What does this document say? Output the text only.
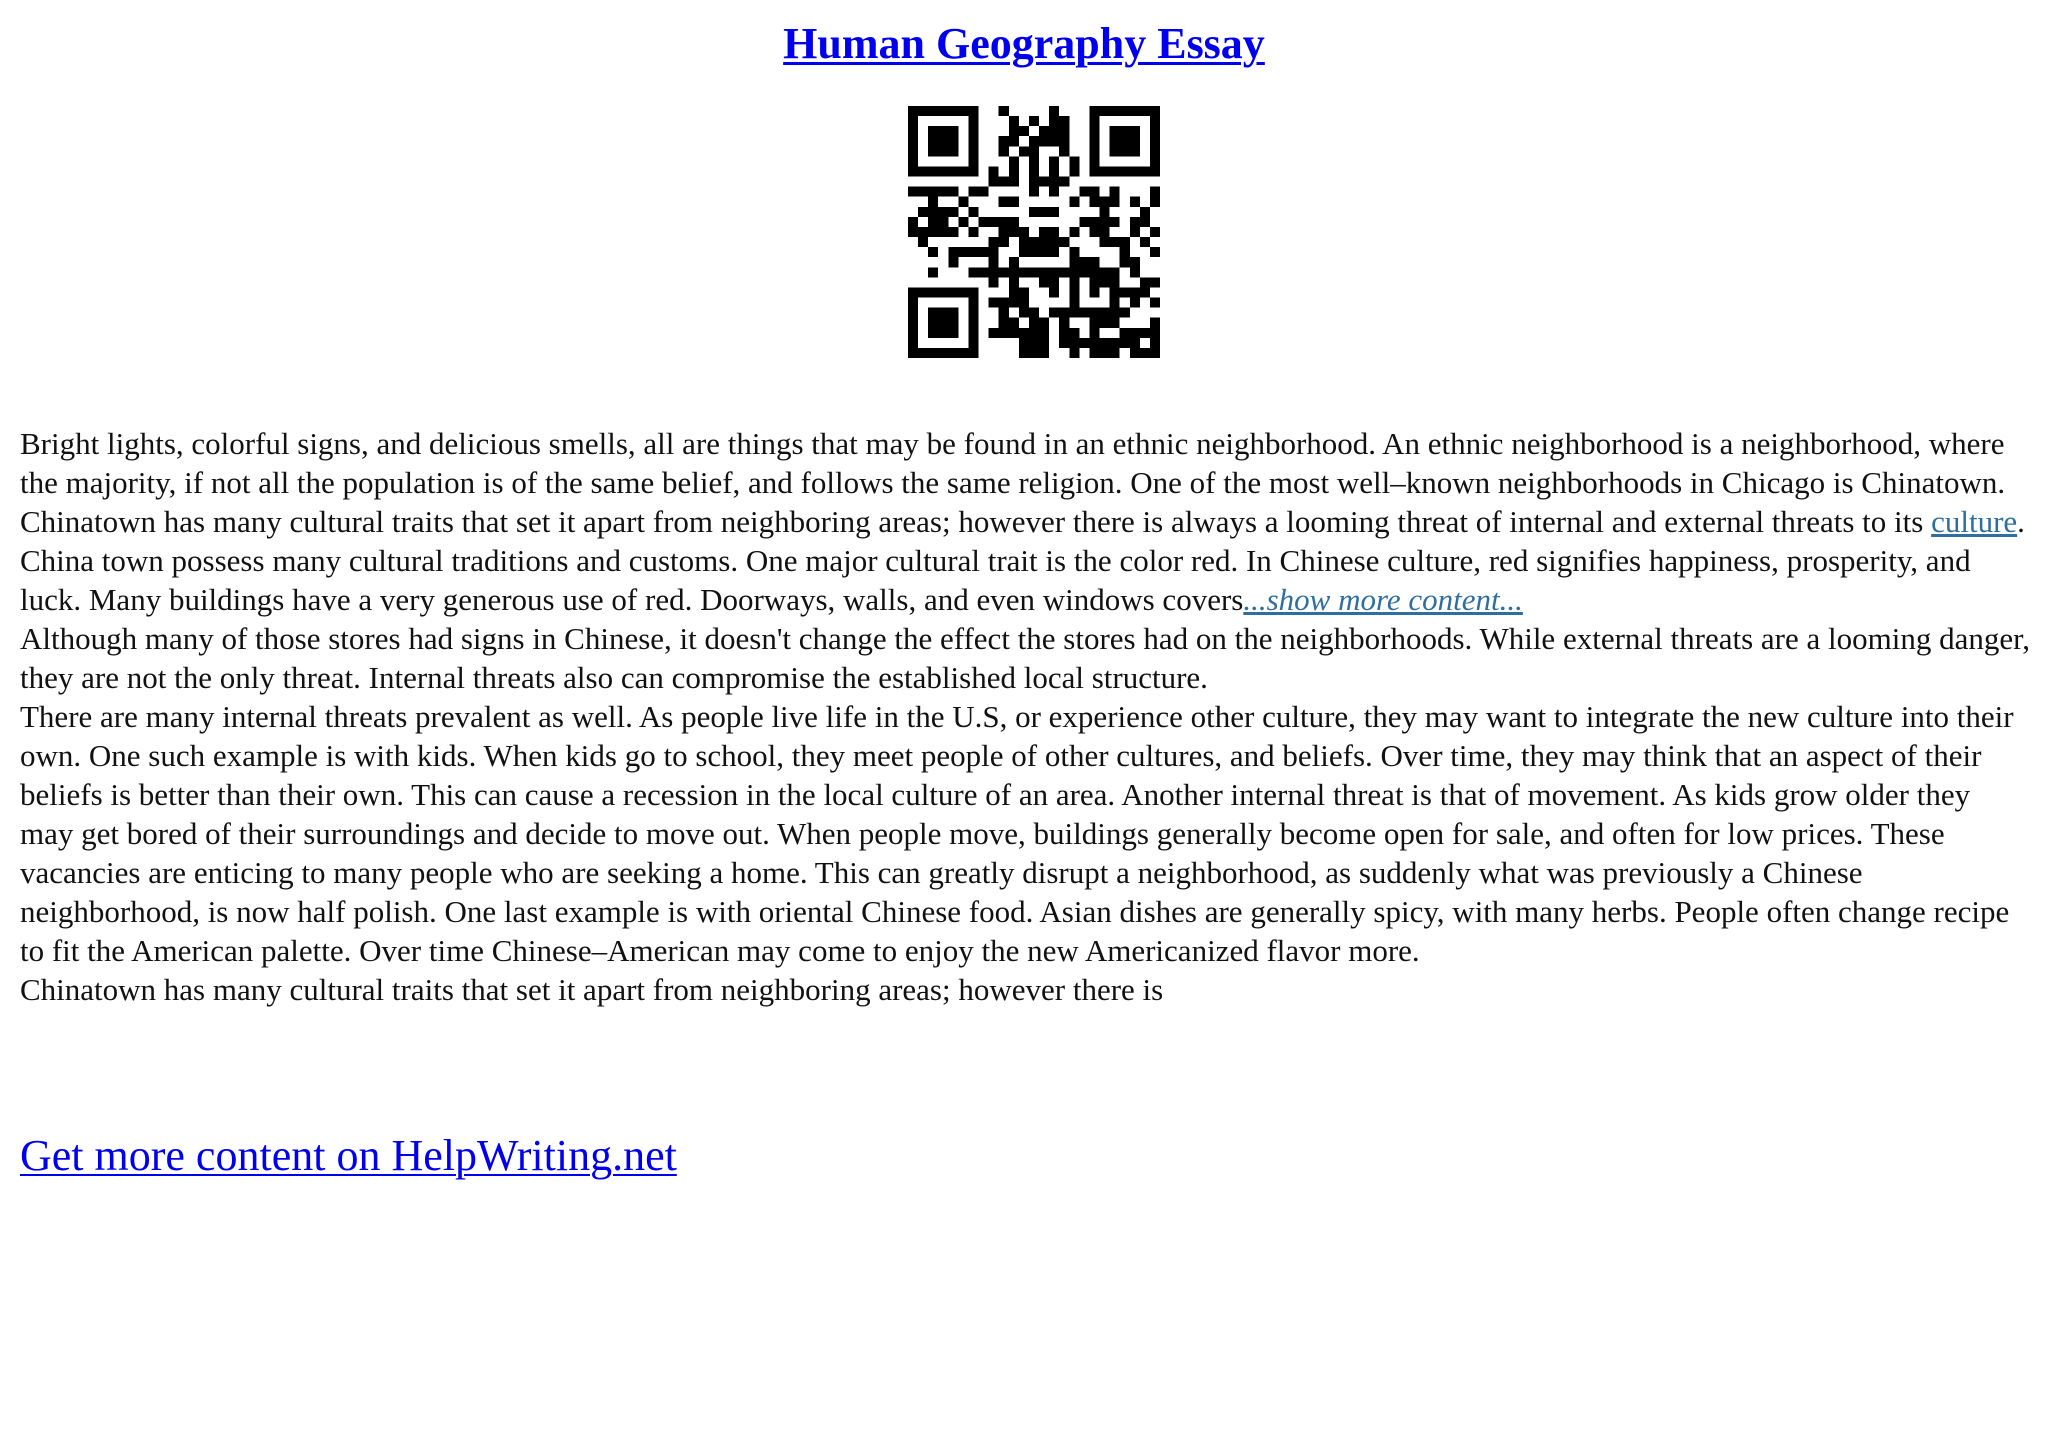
Human Geography Essay

Bright lights, colorful signs, and delicious smells, all are things that may be found in an ethnic neighborhood. An ethnic neighborhood is a neighborhood, where the majority, if not all the population is of the same belief, and follows the same religion. One of the most well–known neighborhoods in Chicago is Chinatown. Chinatown has many cultural traits that set it apart from neighboring areas; however there is always a looming threat of internal and external threats to its culture. China town possess many cultural traditions and customs. One major cultural trait is the color red. In Chinese culture, red signifies happiness, prosperity, and luck. Many buildings have a very generous use of red. Doorways, walls, and even windows covers...show more content...

Although many of those stores had signs in Chinese, it doesn't change the effect the stores had on the neighborhoods. While external threats are a looming danger, they are not the only threat. Internal threats also can compromise the established local structure.

There are many internal threats prevalent as well. As people live life in the U.S, or experience other culture, they may want to integrate the new culture into their own. One such example is with kids. When kids go to school, they meet people of other cultures, and beliefs. Over time, they may think that an aspect of their beliefs is better than their own. This can cause a recession in the local culture of an area. Another internal threat is that of movement. As kids grow older they may get bored of their surroundings and decide to move out. When people move, buildings generally become open for sale, and often for low prices. These vacancies are enticing to many people who are seeking a home. This can greatly disrupt a neighborhood, as suddenly what was previously a Chinese neighborhood, is now half polish. One last example is with oriental Chinese food. Asian dishes are generally spicy, with many herbs. People often change recipe to fit the American palette. Over time Chinese–American may come to enjoy the new Americanized flavor more.

Chinatown has many cultural traits that set it apart from neighboring areas; however there is

Get more content on HelpWriting.net
